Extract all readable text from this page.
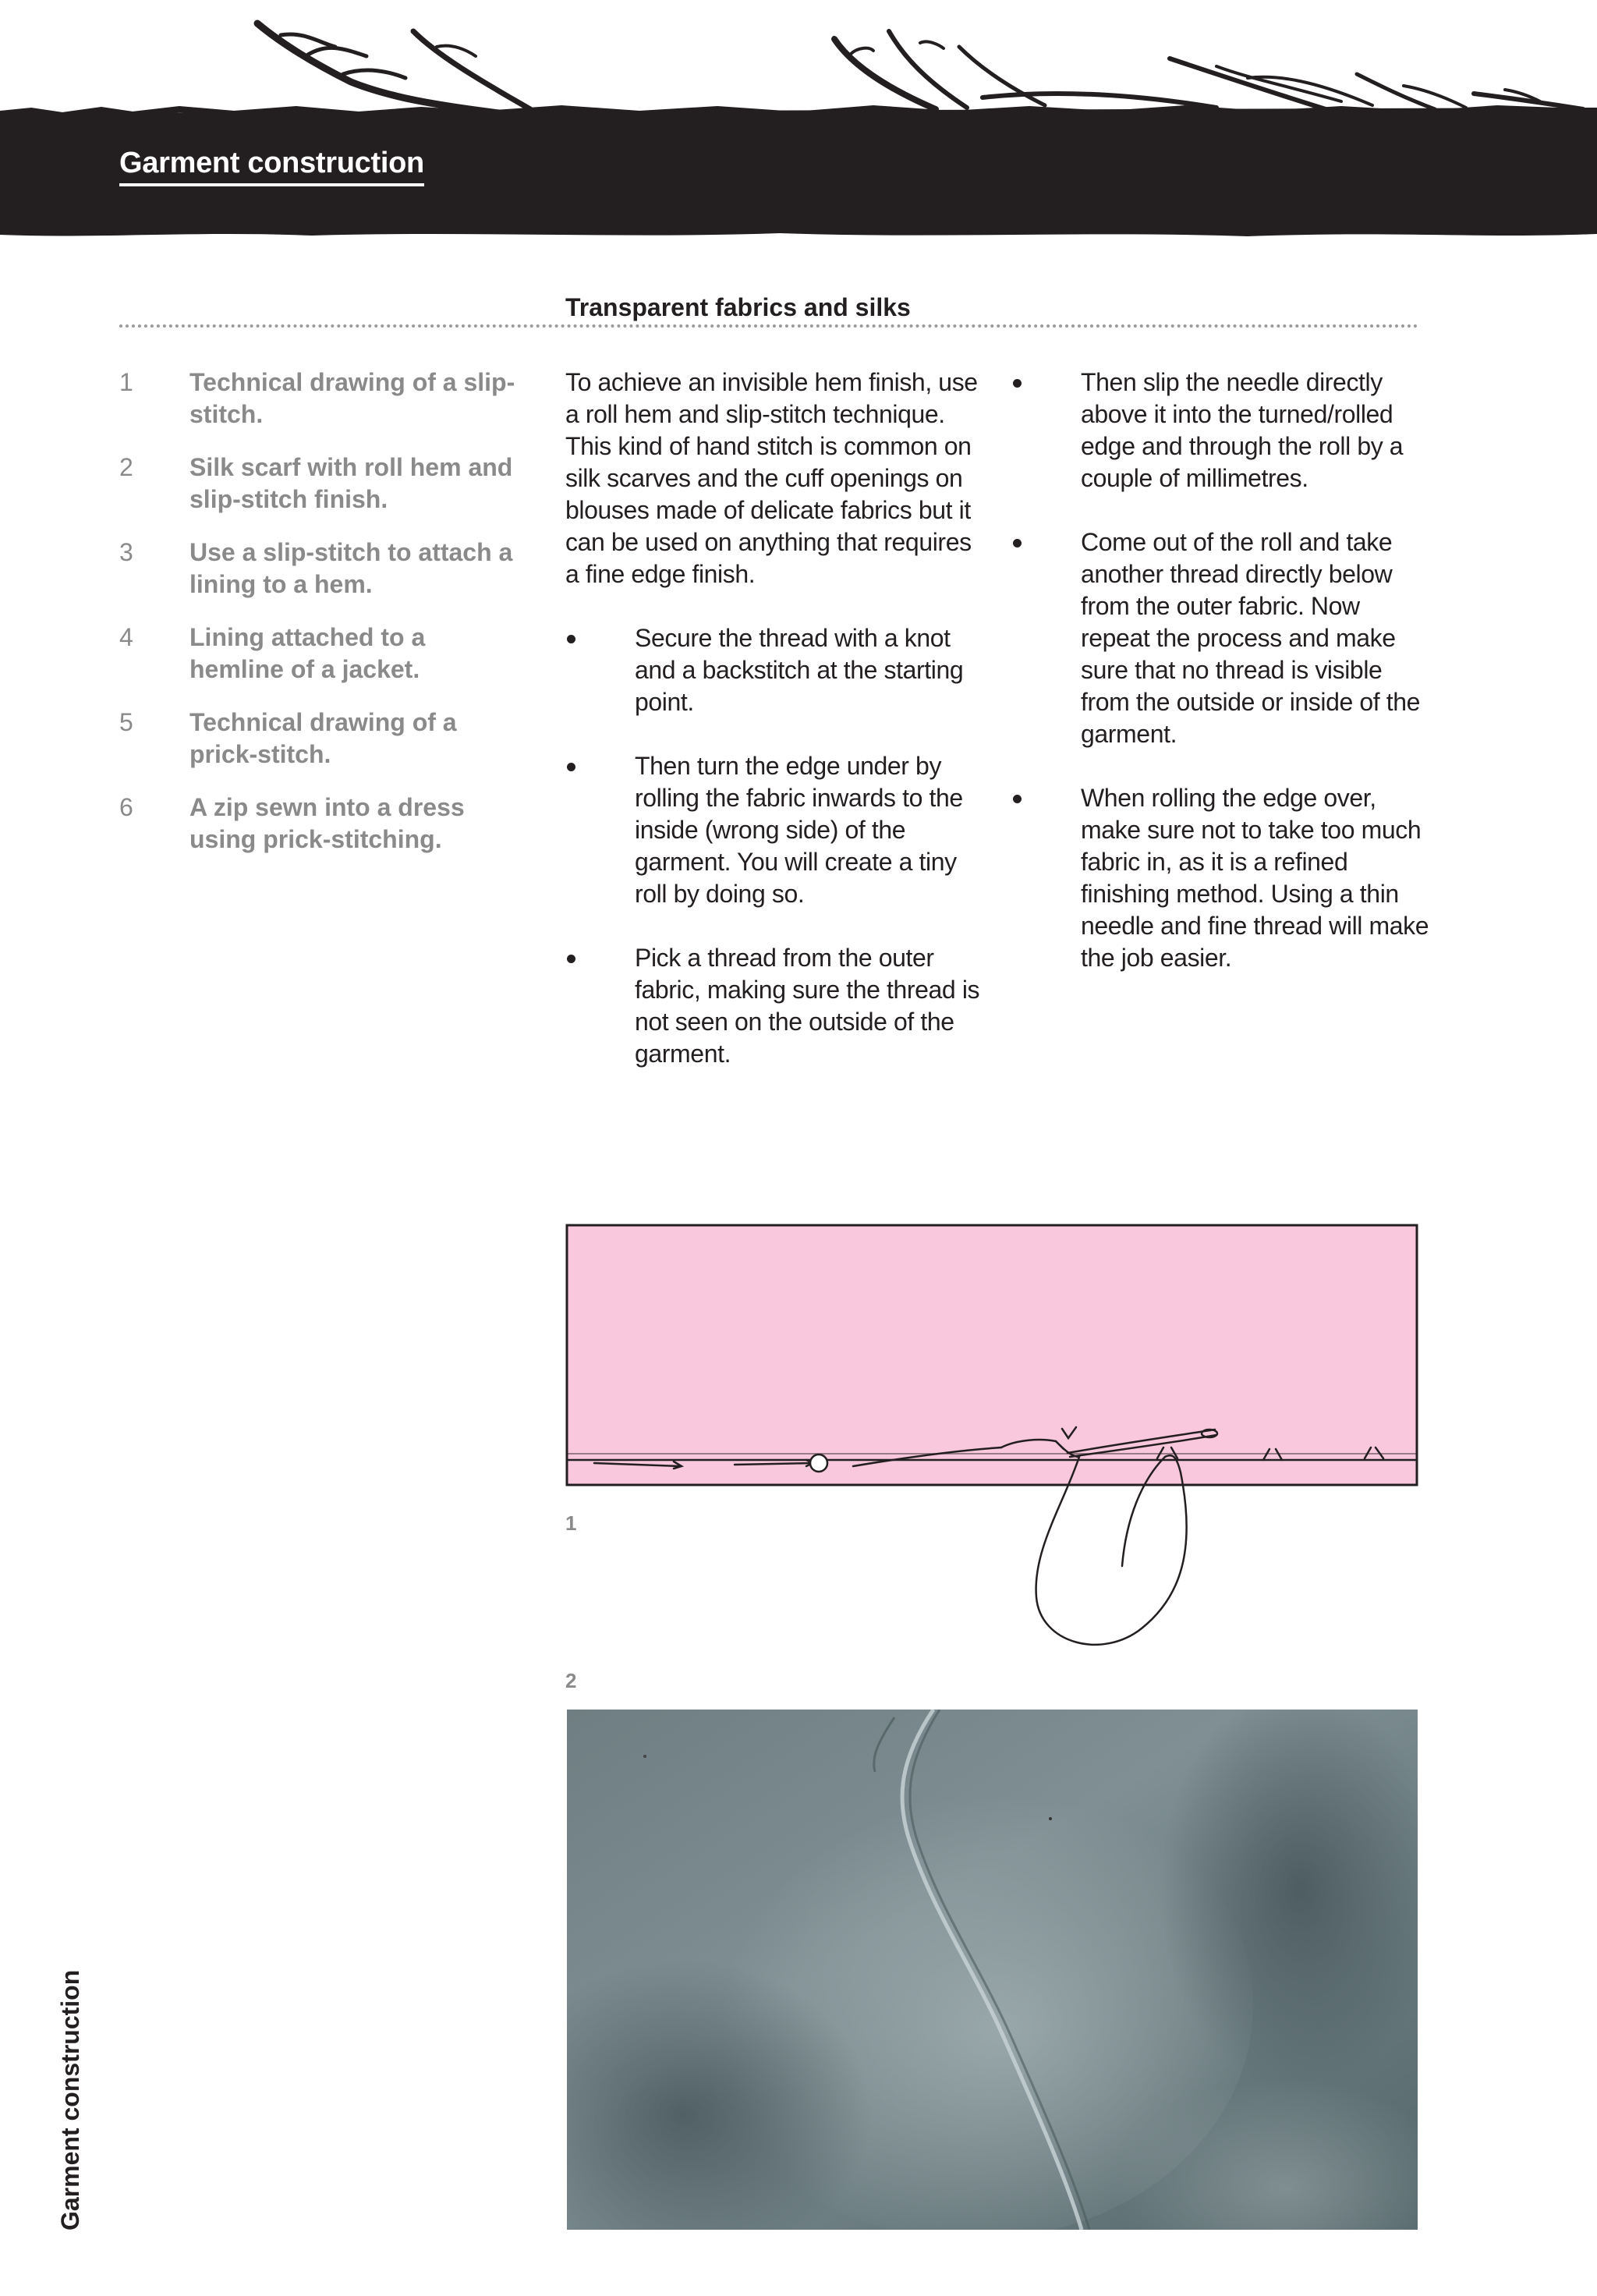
Garment construction
Transparent fabrics and silks
1	Technical drawing of a slip-stitch.
2	Silk scarf with roll hem and slip-stitch finish.
3	Use a slip-stitch to attach a lining to a hem.
4	Lining attached to a hemline of a jacket.
5	Technical drawing of a prick-stitch.
6	A zip sewn into a dress using prick-stitching.

To achieve an invisible hem finish, use a roll hem and slip-stitch technique. This kind of hand stitch is common on silk scarves and the cuff openings on blouses made of delicate fabrics but it can be used on anything that requires a fine edge finish.

Secure the thread with a knot and a backstitch at the starting point.
Then turn the edge under by rolling the fabric inwards to the inside (wrong side) of the garment. You will create a tiny roll by doing so.
Pick a thread from the outer fabric, making sure the thread is not seen on the outside of the garment.
Then slip the needle directly above it into the turned/rolled edge and through the roll by a couple of millimetres.
Come out of the roll and take another thread directly below from the outer fabric. Now repeat the process and make sure that no thread is visible from the outside or inside of the garment.
When rolling the edge over, make sure not to take too much fabric in, as it is a refined finishing method. Using a thin needle and fine thread will make the job easier.
1
2
Garment construction
